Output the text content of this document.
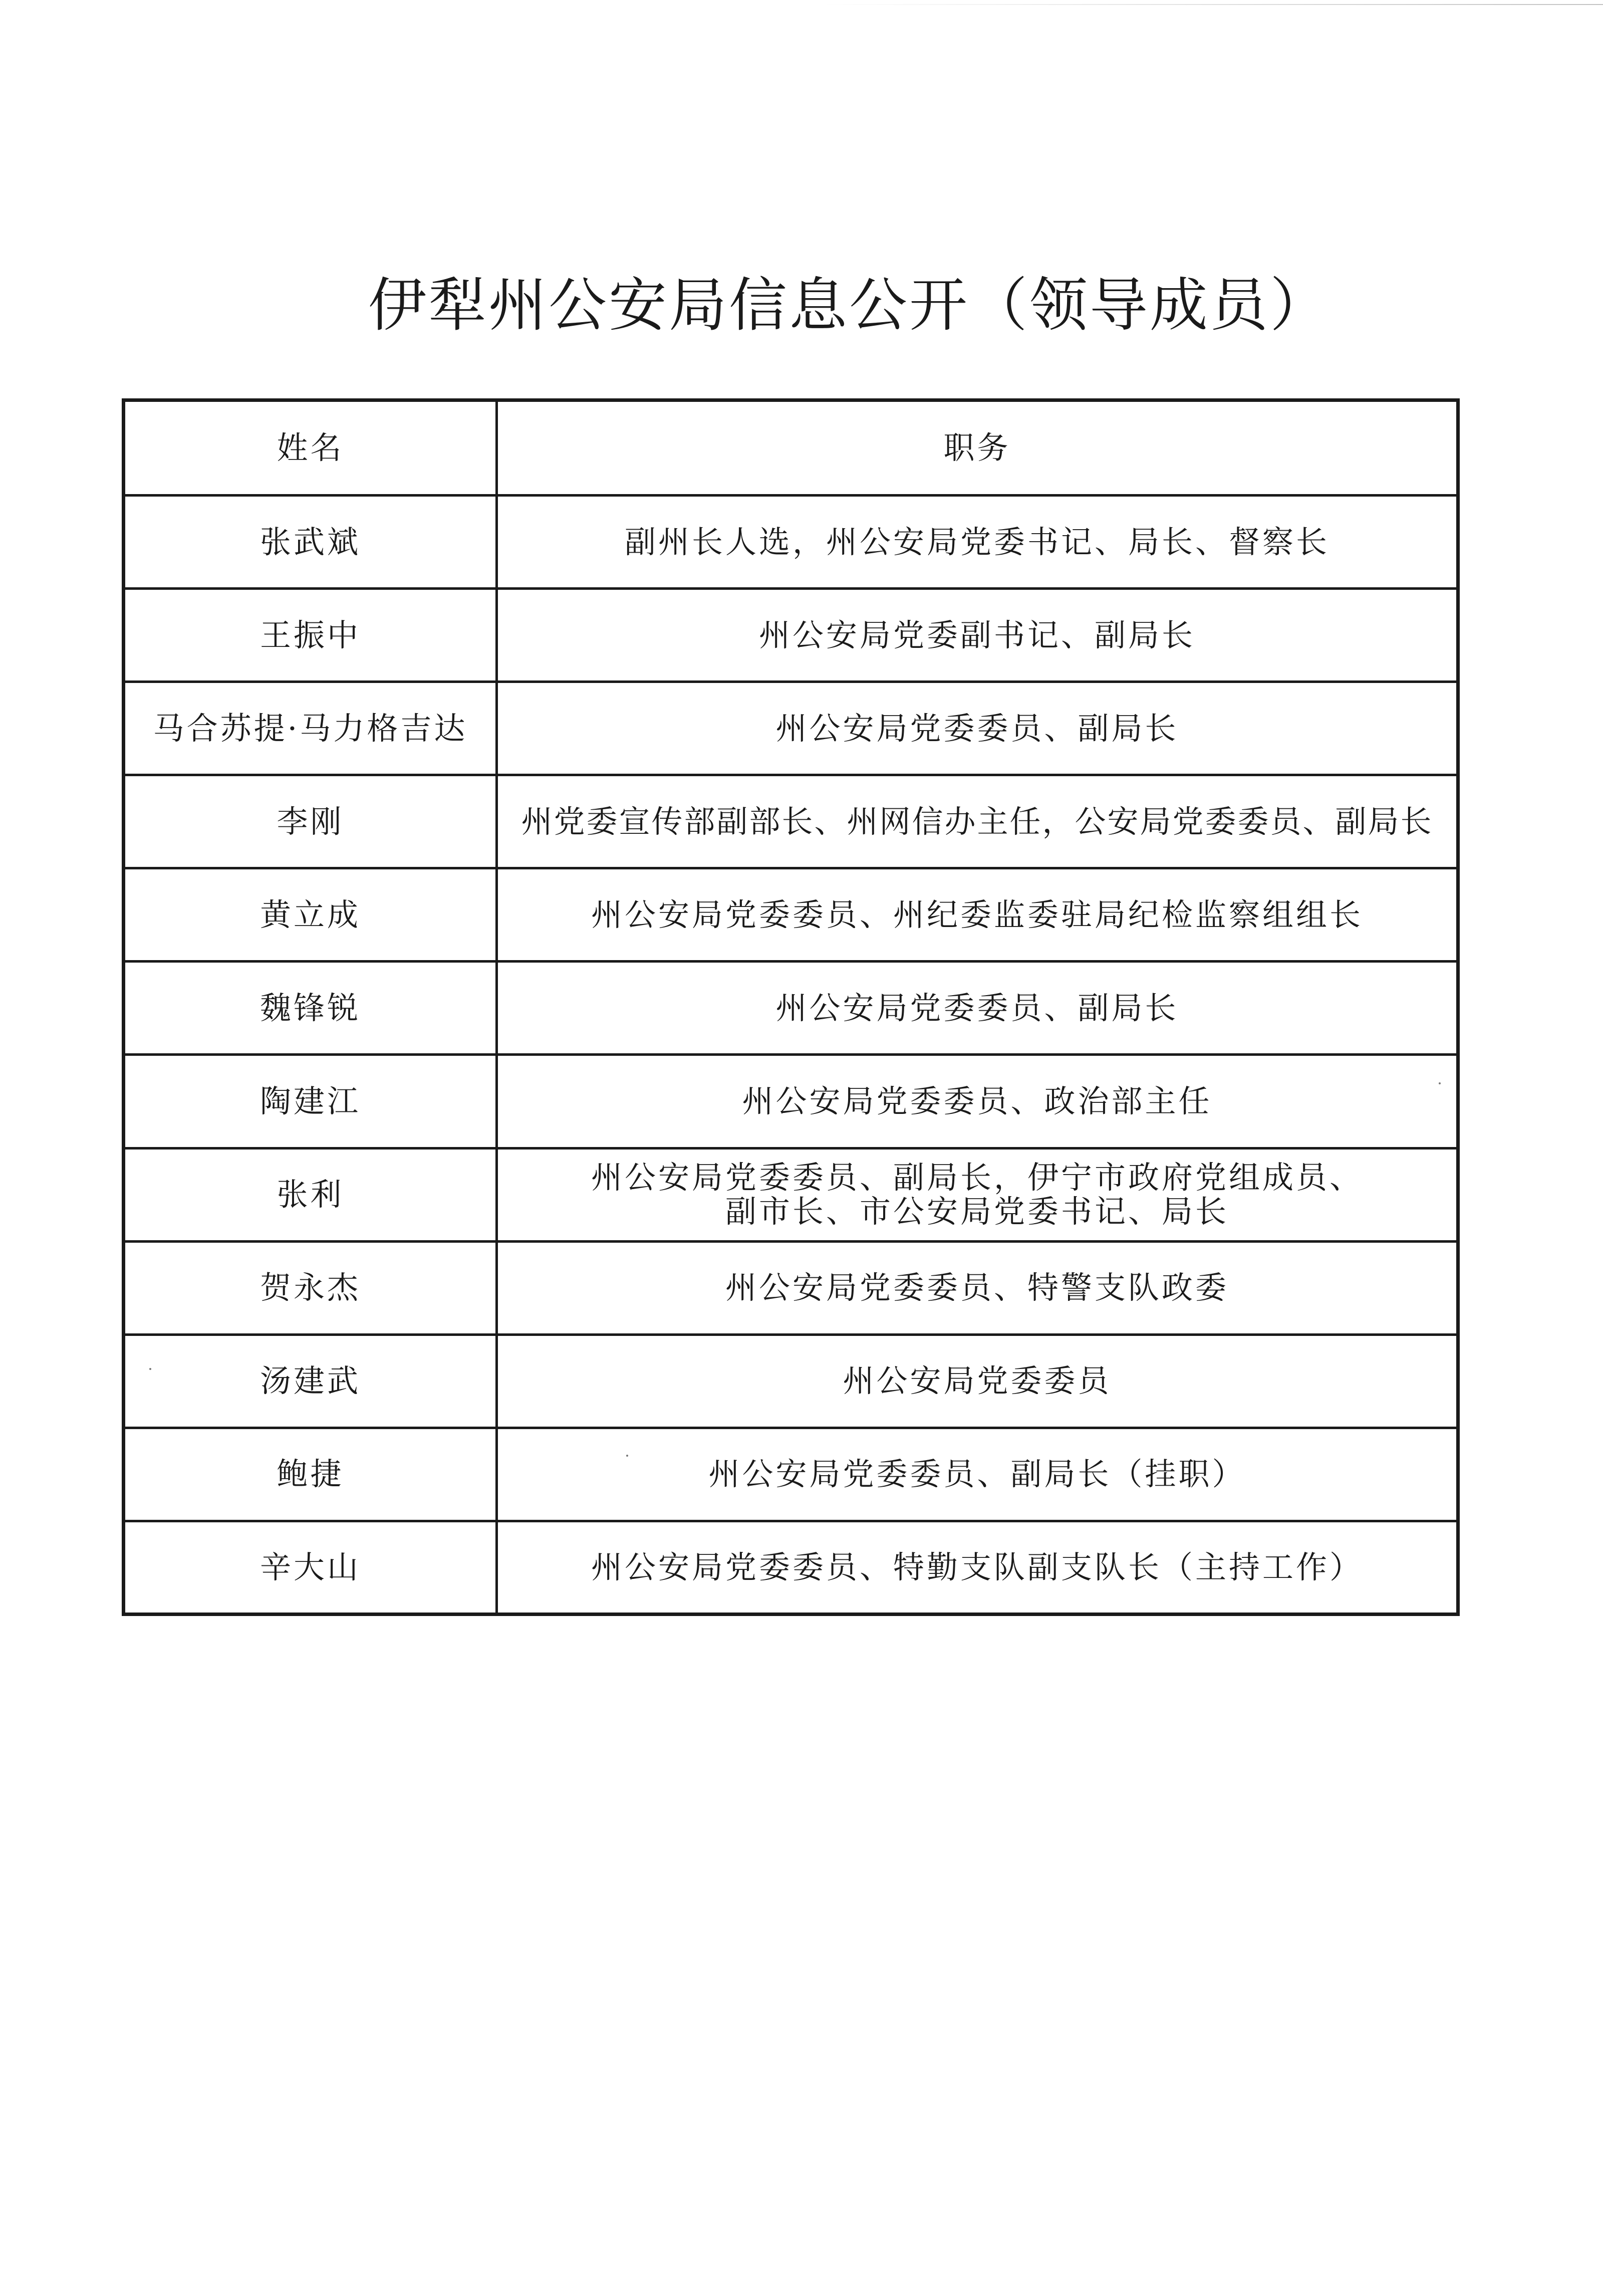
伊犁州公安局信息公开（领导成员）
姓名	职务
张武斌	副州长人选，州公安局党委书记、局长、督察长

王振中	州公安局党委副书记、副局长

马合苏提·马力格吉达	州公安局党委委员、副局长

李刚	州党委宣传部副部长、州网信办主任，公安局党委委员、副局长

黄立成	州公安局党委委员、州纪委监委驻局纪检监察组组长

魏锋锐	州公安局党委委员、副局长

陶建江	州公安局党委委员、政治部主任

张利	州公安局党委委员、副局长，伊宁市政府党组成员、
副市长、市公安局党委书记、局长

贺永杰	州公安局党委委员、特警支队政委

汤建武	州公安局党委委员

鲍捷	州公安局党委委员、副局长（挂职）

辛大山	州公安局党委委员、特勤支队副支队长（主持工作）
